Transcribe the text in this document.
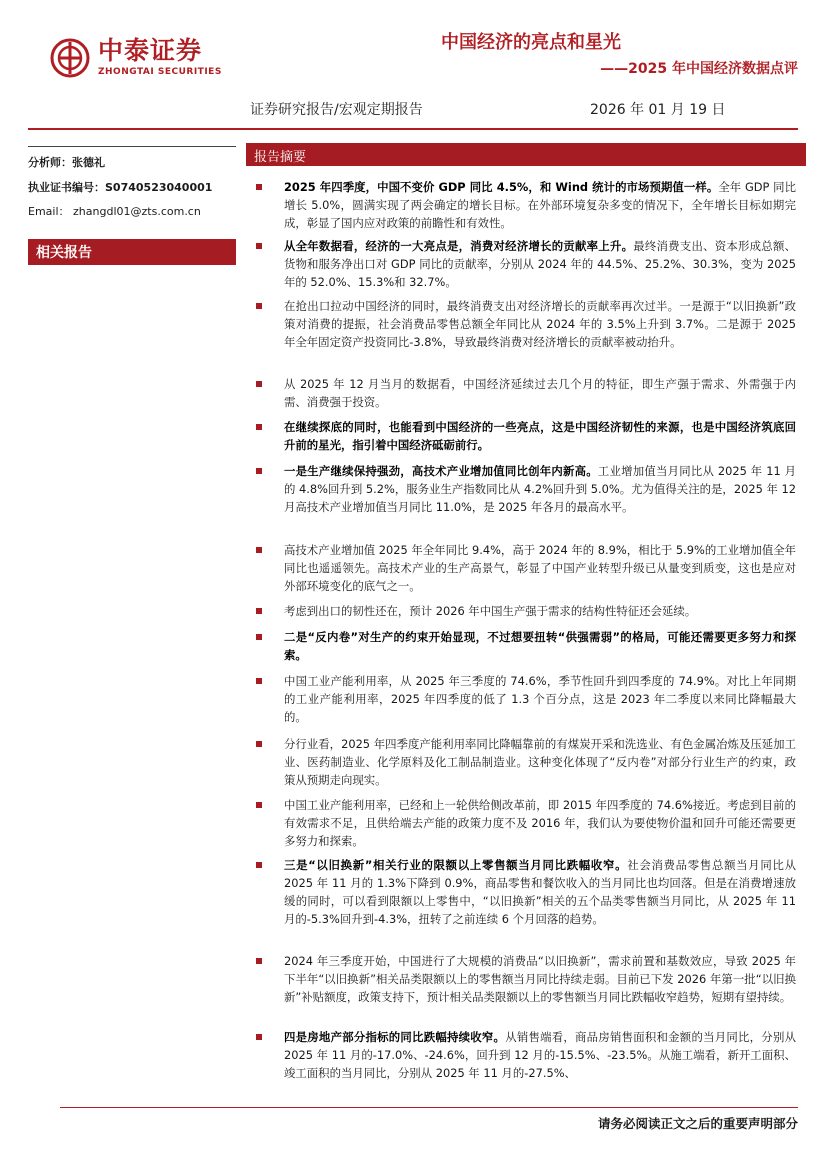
中泰证券
ZHONGTAI SECURITIES
中国经济的亮点和星光
——2025 年中国经济数据点评
证券研究报告/宏观定期报告	2026 年 01 月 19 日
分析师：张德礼
执业证书编号：S0740523040001
Email： zhangdl01@zts.com.cn
相关报告
报告摘要
2025 年四季度，中国不变价 GDP 同比 4.5%，和 Wind 统计的市场预期值一样。全年 GDP 同比增长 5.0%，圆满实现了两会确定的增长目标。在外部环境复杂多变的情况下，全年增长目标如期完成，彰显了国内应对政策的前瞻性和有效性。
从全年数据看，经济的一大亮点是，消费对经济增长的贡献率上升。最终消费支出、资本形成总额、货物和服务净出口对 GDP 同比的贡献率，分别从 2024 年的 44.5%、25.2%、30.3%，变为 2025 年的 52.0%、15.3%和 32.7%。
在抢出口拉动中国经济的同时，最终消费支出对经济增长的贡献率再次过半。一是源于“以旧换新”政策对消费的提振，社会消费品零售总额全年同比从 2024 年的 3.5%上升到 3.7%。二是源于 2025 年全年固定资产投资同比-3.8%，导致最终消费对经济增长的贡献率被动抬升。
从 2025 年 12 月当月的数据看，中国经济延续过去几个月的特征，即生产强于需求、外需强于内需、消费强于投资。
在继续探底的同时，也能看到中国经济的一些亮点，这是中国经济韧性的来源，也是中国经济筑底回升前的星光，指引着中国经济砥砺前行。
一是生产继续保持强劲，高技术产业增加值同比创年内新高。工业增加值当月同比从 2025 年 11 月的 4.8%回升到 5.2%，服务业生产指数同比从 4.2%回升到 5.0%。尤为值得关注的是，2025 年 12 月高技术产业增加值当月同比 11.0%，是 2025 年各月的最高水平。
高技术产业增加值 2025 年全年同比 9.4%，高于 2024 年的 8.9%，相比于 5.9%的工业增加值全年同比也遥遥领先。高技术产业的生产高景气，彰显了中国产业转型升级已从量变到质变，这也是应对外部环境变化的底气之一。
考虑到出口的韧性还在，预计 2026 年中国生产强于需求的结构性特征还会延续。
二是“反内卷”对生产的约束开始显现，不过想要扭转“供强需弱”的格局，可能还需要更多努力和探索。
中国工业产能利用率，从 2025 年三季度的 74.6%，季节性回升到四季度的 74.9%。对比上年同期的工业产能利用率，2025 年四季度的低了 1.3 个百分点，这是 2023 年二季度以来同比降幅最大的。
分行业看，2025 年四季度产能利用率同比降幅靠前的有煤炭开采和洗选业、有色金属冶炼及压延加工业、医药制造业、化学原料及化工制品制造业。这种变化体现了“反内卷”对部分行业生产的约束，政策从预期走向现实。
中国工业产能利用率，已经和上一轮供给侧改革前，即 2015 年四季度的 74.6%接近。考虑到目前的有效需求不足，且供给端去产能的政策力度不及 2016 年，我们认为要使物价温和回升可能还需要更多努力和探索。
三是“以旧换新”相关行业的限额以上零售额当月同比跌幅收窄。社会消费品零售总额当月同比从 2025 年 11 月的 1.3%下降到 0.9%，商品零售和餐饮收入的当月同比也均回落。但是在消费增速放缓的同时，可以看到限额以上零售中，“以旧换新”相关的五个品类零售额当月同比，从 2025 年 11 月的-5.3%回升到-4.3%，扭转了之前连续 6 个月回落的趋势。
2024 年三季度开始，中国进行了大规模的消费品“以旧换新”，需求前置和基数效应，导致 2025 年下半年“以旧换新”相关品类限额以上的零售额当月同比持续走弱。目前已下发 2026 年第一批“以旧换新”补贴额度，政策支持下，预计相关品类限额以上的零售额当月同比跌幅收窄趋势，短期有望持续。
四是房地产部分指标的同比跌幅持续收窄。从销售端看，商品房销售面积和金额的当月同比，分别从 2025 年 11 月的-17.0%、-24.6%，回升到 12 月的-15.5%、-23.5%。从施工端看，新开工面积、竣工面积的当月同比，分别从 2025 年 11 月的-27.5%、
请务必阅读正文之后的重要声明部分
